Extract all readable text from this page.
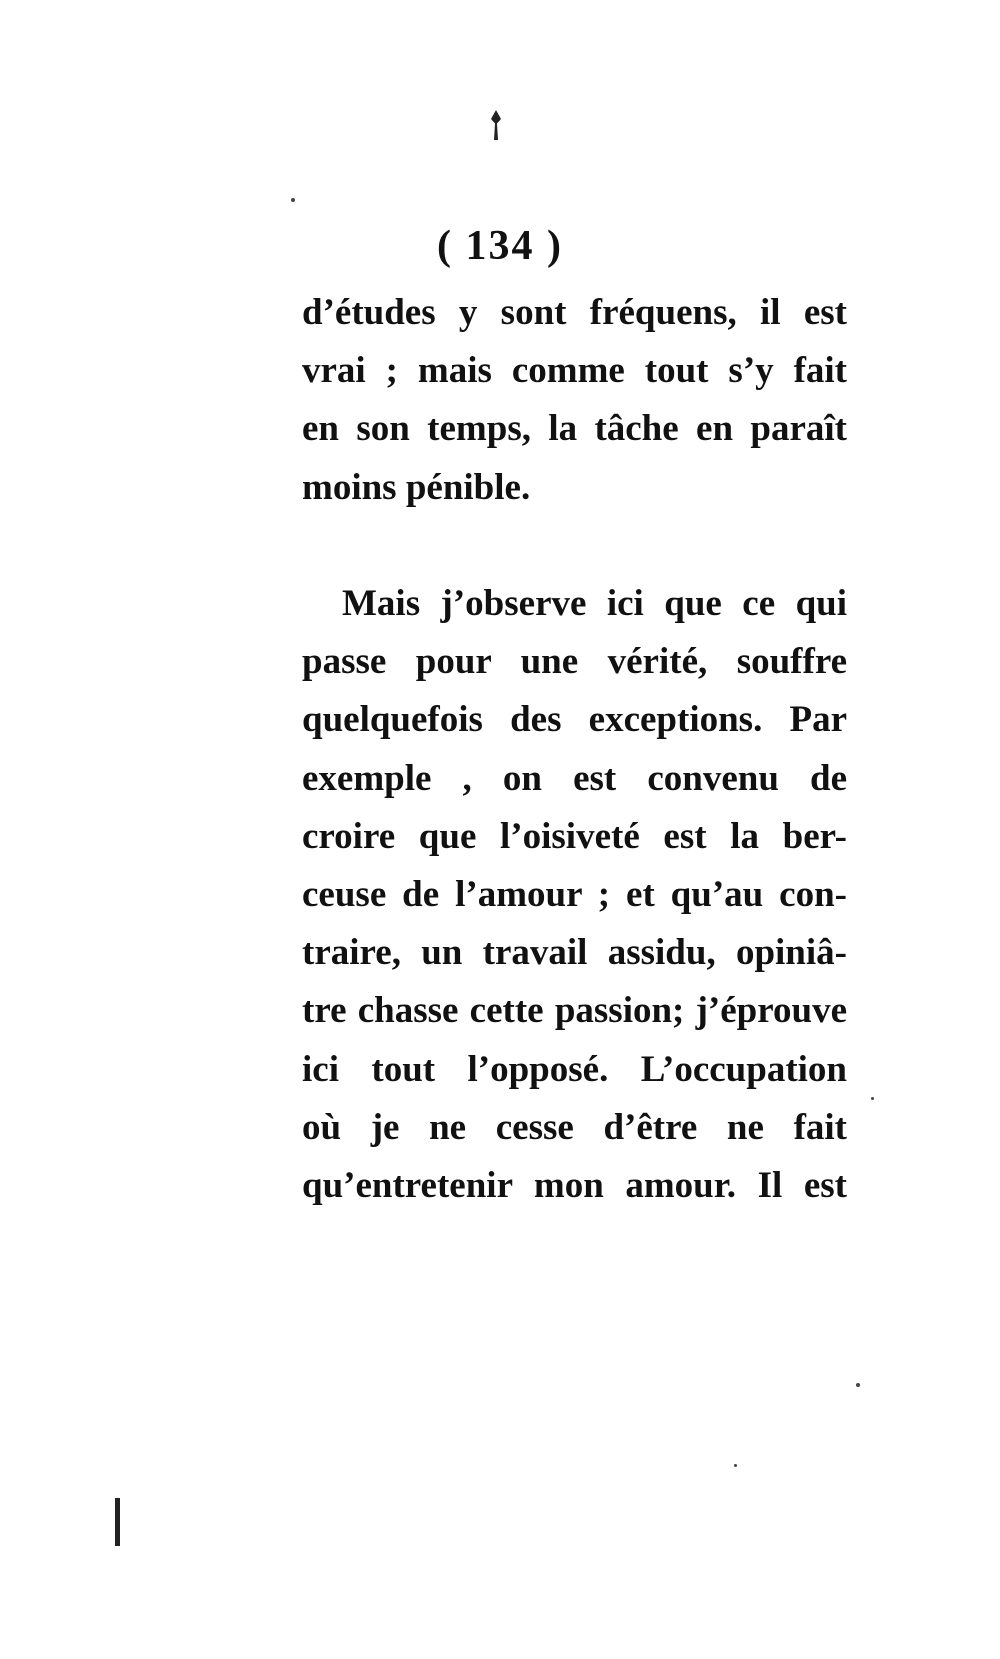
( 134 )
d’études y sont fréquens, il est
vrai ; mais comme tout s’y fait
en son temps, la tâche en paraît
moins pénible.
Mais j’observe ici que ce qui
passe pour une vérité, souffre
quelquefois des exceptions. Par
exemple , on est convenu de
croire que l’oisiveté est la ber-
ceuse de l’amour ; et qu’au con-
traire, un travail assidu, opiniâ-
tre chasse cette passion; j’éprouve
ici tout l’opposé. L’occupation
où je ne cesse d’être ne fait
qu’entretenir mon amour. Il est
